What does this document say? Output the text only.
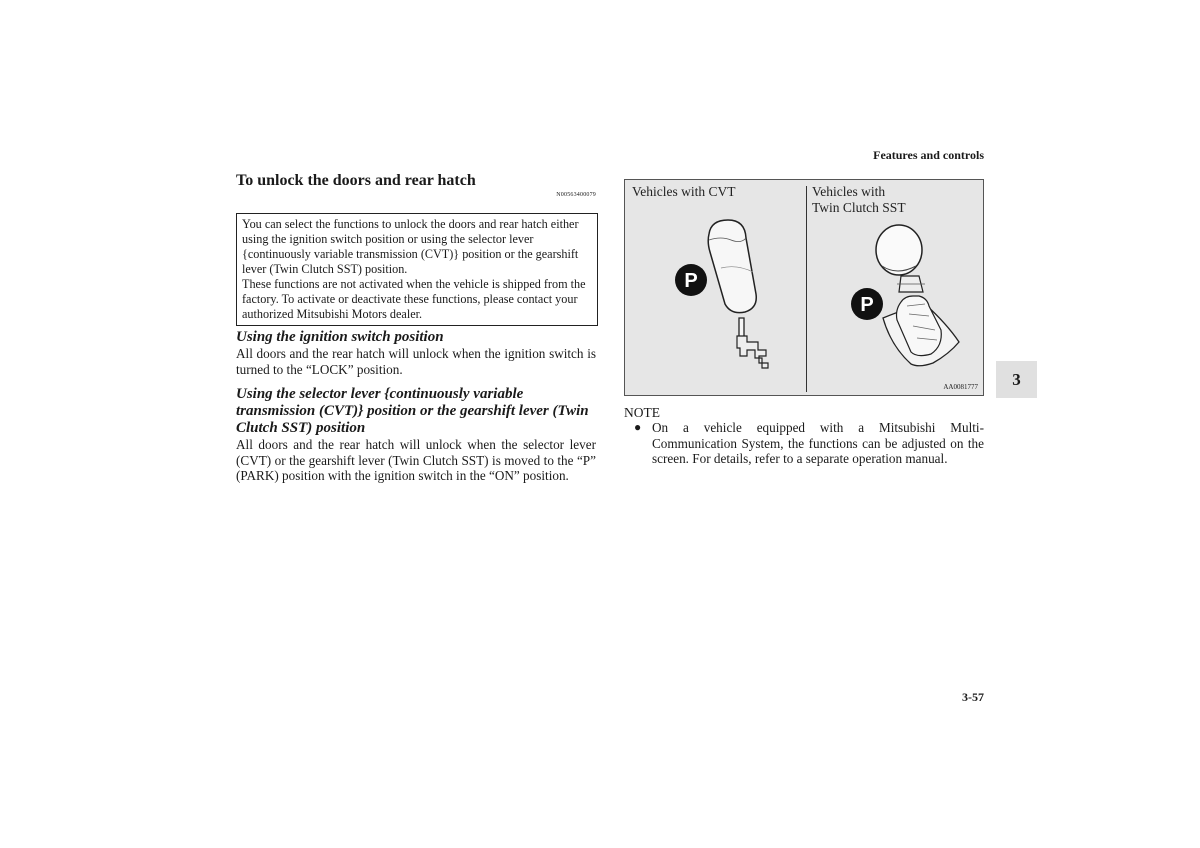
Features and controls
To unlock the doors and rear hatch
N00563400079

You can select the functions to unlock the doors and rear hatch either using the ignition switch position or using the selector lever {continuously variable transmission (CVT)} position or the gearshift lever (Twin Clutch SST) position.

These functions are not activated when the vehicle is shipped from the factory. To activate or deactivate these functions, please contact your authorized Mitsubishi Motors dealer.

Using the ignition switch position
All doors and the rear hatch will unlock when the ignition switch is turned to the “LOCK” position.
Using the selector lever {continuously variable transmission (CVT)} position or the gearshift lever (Twin Clutch SST) position
All doors and the rear hatch will unlock when the selector lever (CVT) or the gearshift lever (Twin Clutch SST) is moved to the “P” (PARK) position with the ignition switch in the “ON” position.
P
P
Vehicles with CVT	Vehicles with
Twin Clutch SST
AA0081777
NOTE
● On a vehicle equipped with a Mitsubishi Multi-Communication System, the functions can be adjusted on the screen. For details, refer to a separate operation manual.
3
3-57
